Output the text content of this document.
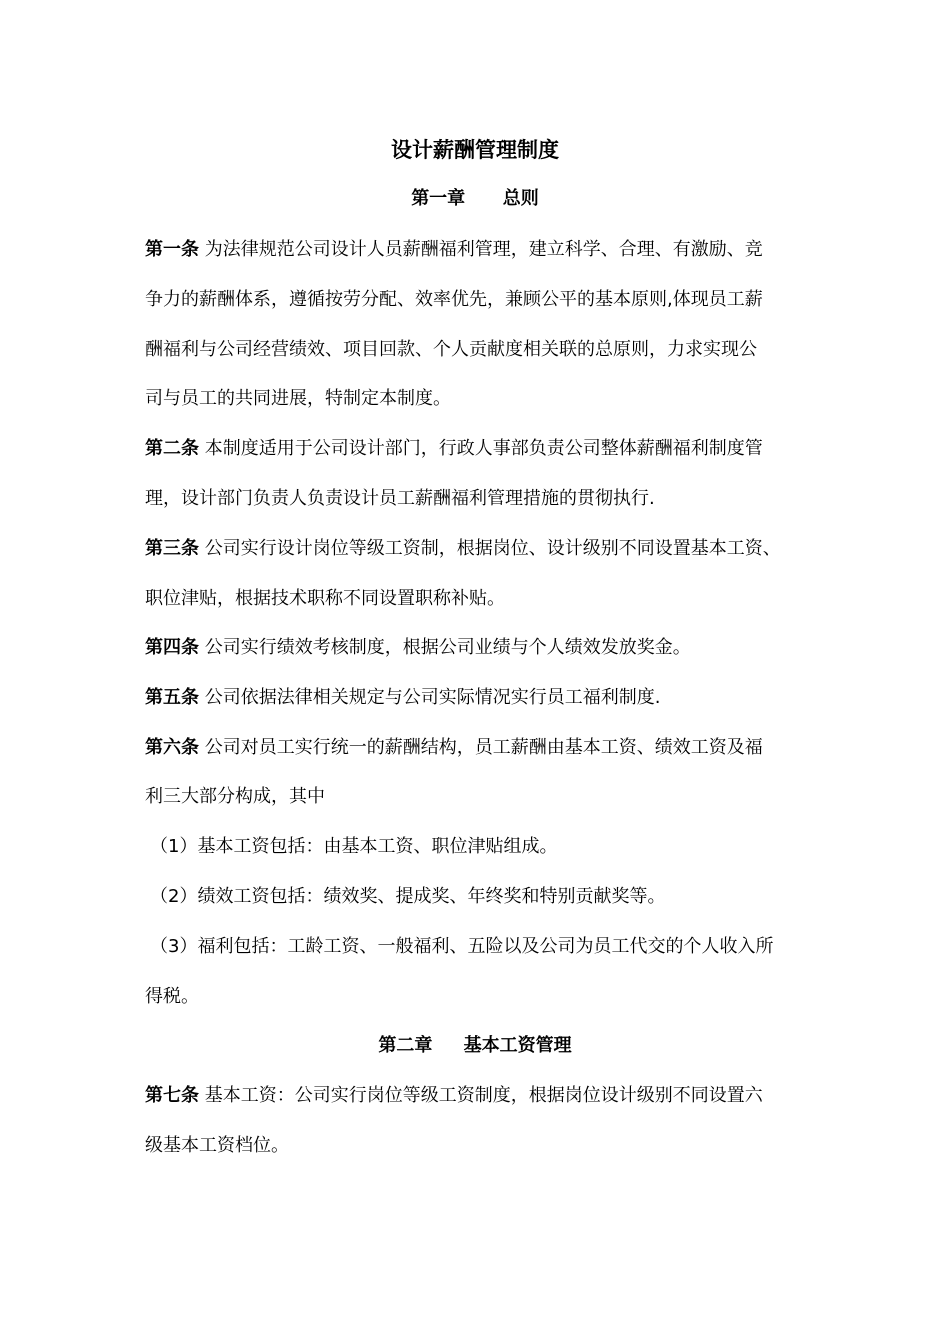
设计薪酬管理制度
第一章      总则
第一条 为法律规范公司设计人员薪酬福利管理，建立科学、合理、有激励、竞
争力的薪酬体系，遵循按劳分配、效率优先，兼顾公平的基本原则,体现员工薪
酬福利与公司经营绩效、项目回款、个人贡献度相关联的总原则，力求实现公
司与员工的共同进展，特制定本制度。
第二条 本制度适用于公司设计部门，行政人事部负责公司整体薪酬福利制度管
理，设计部门负责人负责设计员工薪酬福利管理措施的贯彻执行.
第三条 公司实行设计岗位等级工资制，根据岗位、设计级别不同设置基本工资、
职位津贴，根据技术职称不同设置职称补贴。
第四条 公司实行绩效考核制度，根据公司业绩与个人绩效发放奖金。
第五条 公司依据法律相关规定与公司实际情况实行员工福利制度.
第六条 公司对员工实行统一的薪酬结构，员工薪酬由基本工资、绩效工资及福
利三大部分构成，其中
（1）基本工资包括：由基本工资、职位津贴组成。
（2）绩效工资包括：绩效奖、提成奖、年终奖和特别贡献奖等。
（3）福利包括：工龄工资、一般福利、五险以及公司为员工代交的个人收入所
得税。
第二章     基本工资管理
第七条 基本工资：公司实行岗位等级工资制度，根据岗位设计级别不同设置六
级基本工资档位。
